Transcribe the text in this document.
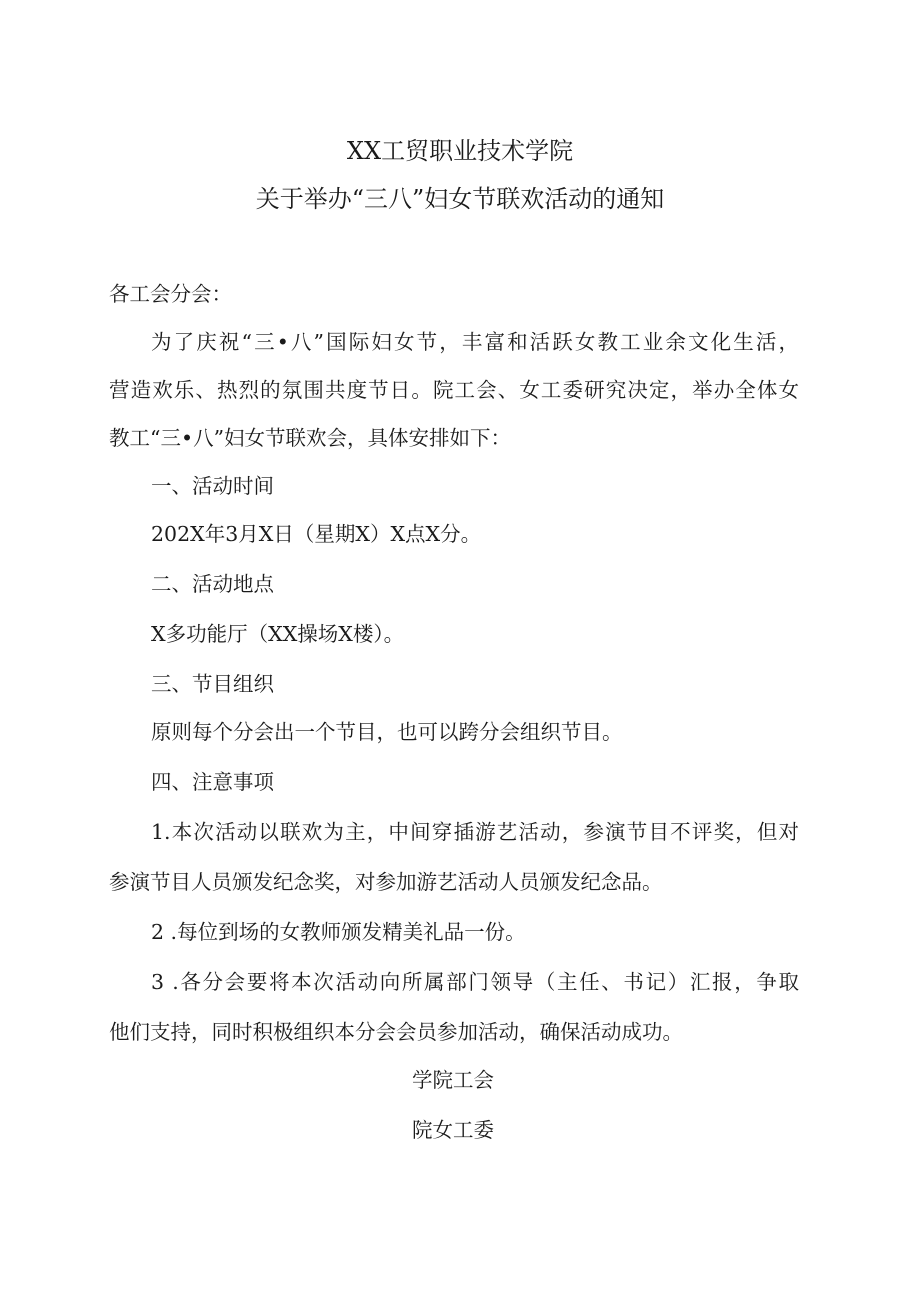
XX工贸职业技术学院
关于举办“三八”妇女节联欢活动的通知
各工会分会：
为了庆祝“三•八”国际妇女节，丰富和活跃女教工业余文化生活，
营造欢乐、热烈的氛围共度节日。院工会、女工委研究决定，举办全体女
教工“三•八”妇女节联欢会，具体安排如下：
一、活动时间
202X年3月X日（星期X）X点X分。
二、活动地点
X多功能厅（XX操场X楼）。
三、节目组织
原则每个分会出一个节目，也可以跨分会组织节目。
四、注意事项
1.本次活动以联欢为主，中间穿插游艺活动，参演节目不评奖，但对
参演节目人员颁发纪念奖，对参加游艺活动人员颁发纪念品。
2 .每位到场的女教师颁发精美礼品一份。
3 .各分会要将本次活动向所属部门领导（主任、书记）汇报，争取
他们支持，同时积极组织本分会会员参加活动，确保活动成功。
学院工会
院女工委
